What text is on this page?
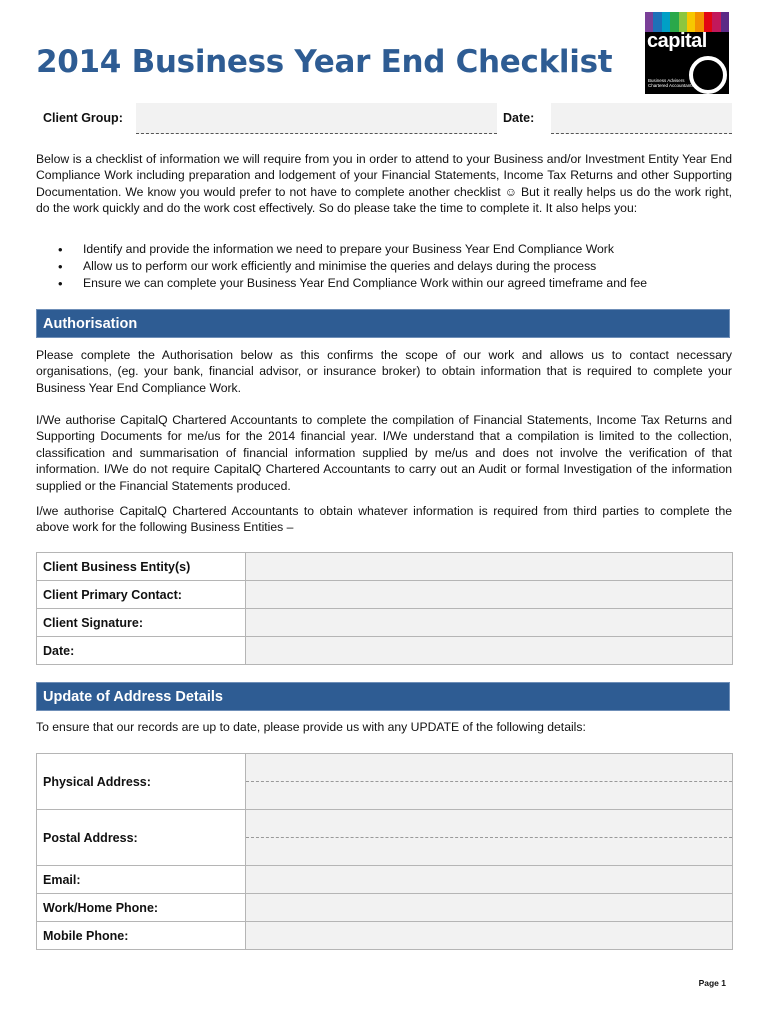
2014 Business Year End Checklist
capital
Business Advisers Chartered Accountants
Client Group:	Date:
Below is a checklist of information we will require from you in order to attend to your Business and/or Investment Entity Year End Compliance Work including preparation and lodgement of your Financial Statements, Income Tax Returns and other Supporting Documentation. We know you would prefer to not have to complete another checklist ☺ But it really helps us do the work right, do the work quickly and do the work cost effectively. So do please take the time to complete it. It also helps you:
• Identify and provide the information we need to prepare your Business Year End Compliance Work
• Allow us to perform our work efficiently and minimise the queries and delays during the process
• Ensure we can complete your Business Year End Compliance Work within our agreed timeframe and fee
Authorisation
Please complete the Authorisation below as this confirms the scope of our work and allows us to contact necessary organisations, (eg. your bank, financial advisor, or insurance broker) to obtain information that is required to complete your Business Year End Compliance Work.
I/We authorise CapitalQ Chartered Accountants to complete the compilation of Financial Statements, Income Tax Returns and Supporting Documents for me/us for the 2014 financial year. I/We understand that a compilation is limited to the collection, classification and summarisation of financial information supplied by me/us and does not involve the verification of that information. I/We do not require CapitalQ Chartered Accountants to carry out an Audit or formal Investigation of the information supplied or the Financial Statements produced.
I/we authorise CapitalQ Chartered Accountants to obtain whatever information is required from third parties to complete the above work for the following Business Entities –
Client Business Entity(s)	
Client Primary Contact:	
Client Signature:	
Date:	
Update of Address Details
To ensure that our records are up to date, please provide us with any UPDATE of the following details:
Physical Address:	

Postal Address:	

Email:	
Work/Home Phone:	
Mobile Phone:	
Page 1
